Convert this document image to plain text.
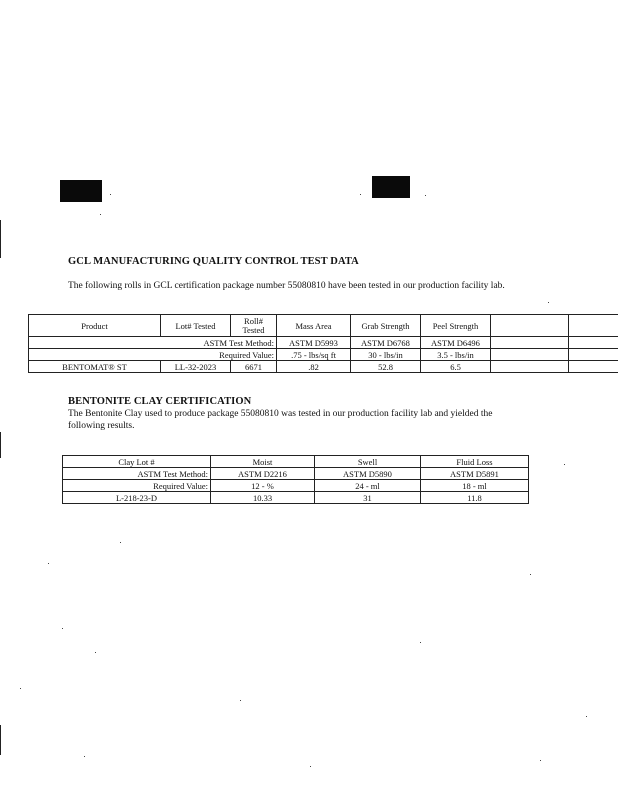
GCL MANUFACTURING QUALITY CONTROL TEST DATA
The following rolls in GCL certification package number 55080810 have been tested in our production facility lab.
Product	Lot# Tested	Roll# Tested	Mass Area	Grab Strength	Peel Strength		
ASTM Test Method:			ASTM D5993	ASTM D6768	ASTM D6496		
Required Value:			.75 - lbs/sq ft	30 - lbs/in	3.5 - lbs/in		
BENTOMAT® ST	LL-32-2023	6671	.82	52.8	6.5		
BENTONITE CLAY CERTIFICATION
The Bentonite Clay used to produce package 55080810 was tested in our production facility lab and yielded the following results.
Clay Lot #	Moist	Swell	Fluid Loss
ASTM Test Method:	ASTM D2216	ASTM D5890	ASTM D5891
Required Value:	12 - %	24 - ml	18 - ml
L-218-23-D	10.33	31	11.8
